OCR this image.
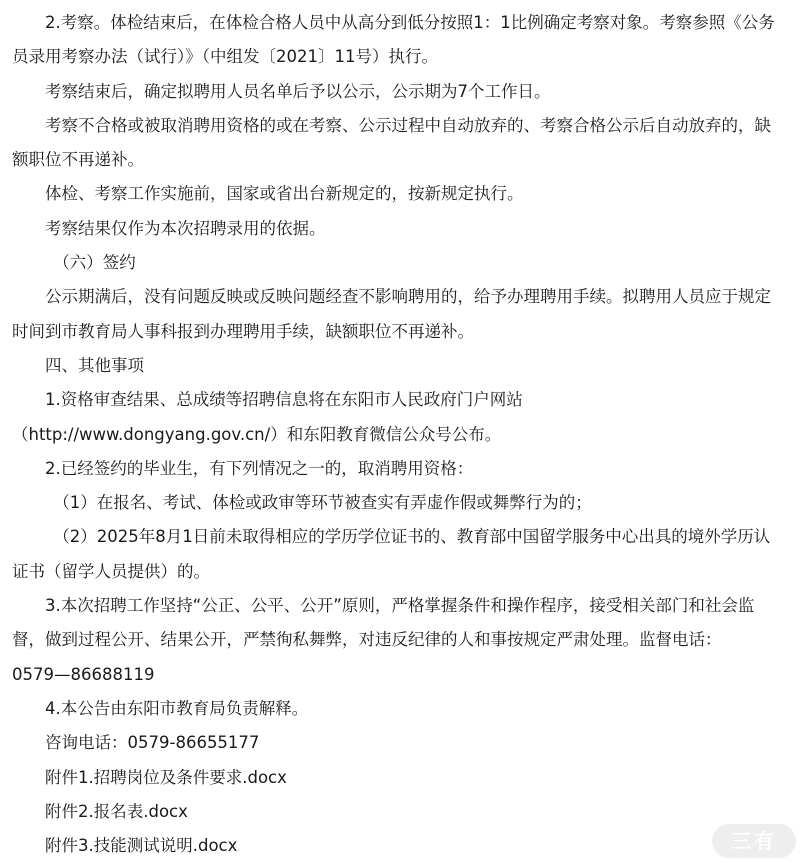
2.考察。体检结束后，在体检合格人员中从高分到低分按照1：1比例确定考察对象。考察参照《公务员录用考察办法（试行）》（中组发〔2021〕11号）执行。

考察结束后，确定拟聘用人员名单后予以公示，公示期为7个工作日。

考察不合格或被取消聘用资格的或在考察、公示过程中自动放弃的、考察合格公示后自动放弃的，缺额职位不再递补。

体检、考察工作实施前，国家或省出台新规定的，按新规定执行。

考察结果仅作为本次招聘录用的依据。

（六）签约

公示期满后，没有问题反映或反映问题经查不影响聘用的，给予办理聘用手续。拟聘用人员应于规定时间到市教育局人事科报到办理聘用手续，缺额职位不再递补。

四、其他事项

1.资格审查结果、总成绩等招聘信息将在东阳市人民政府门户网站

（http://www.dongyang.gov.cn/）和东阳教育微信公众号公布。

2.已经签约的毕业生，有下列情况之一的，取消聘用资格：

（1）在报名、考试、体检或政审等环节被查实有弄虚作假或舞弊行为的；

（2）2025年8月1日前未取得相应的学历学位证书的、教育部中国留学服务中心出具的境外学历认证书（留学人员提供）的。

3.本次招聘工作坚持“公正、公平、公开”原则，严格掌握条件和操作程序，接受相关部门和社会监督，做到过程公开、结果公开，严禁徇私舞弊，对违反纪律的人和事按规定严肃处理。监督电话：

0579—86688119

4.本公告由东阳市教育局负责解释。

咨询电话：0579-86655177

附件1.招聘岗位及条件要求.docx

附件2.报名表.docx

附件3.技能测试说明.docx	三有
